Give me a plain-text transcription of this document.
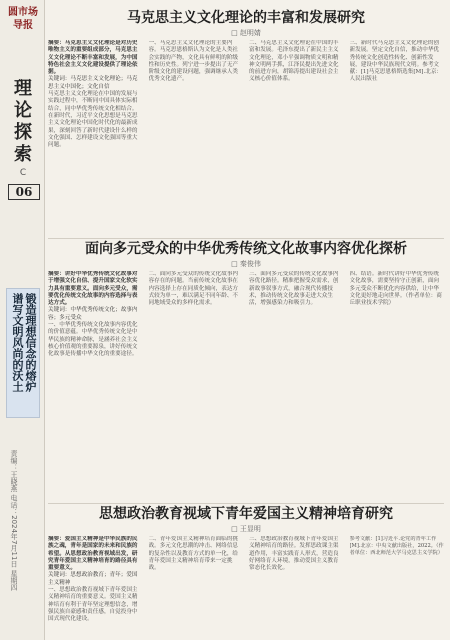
圆市场导报
理论探索
C
06
锻造理想信念的熔炉 谱写文明风尚的沃土
责编：王晓燕 电话：2024年7月11日 星期四
马克思主义文化理论的丰富和发展研究
□ 赵明婧
摘要：马克思主义文化理论是对历史唯物主义的重要组成部分，马克思主义文化理论不断丰富和发展，为中国特色社会主义文化建设提供了理论依据。
关键词：马克思主义文化理论；马克思主义中国化；文化自信
马克思主义文化理论在中国的发展与实践过程中，不断同中国具体实际相结合，同中华优秀传统文化相结合。在新时代，习近平文化思想是马克思主义文化理论中国化时代化的最新成果，深刻回答了新时代建设什么样的文化强国、怎样建设文化强国等重大问题。
一、马克思主义文化理论的主要内容。马克思恩格斯认为文化是人类社会实践的产物，文化具有鲜明的阶级性和历史性。列宁进一步提出了无产阶级文化的建设问题，强调继承人类优秀文化遗产。
二、马克思主义文化理论在中国的丰富和发展。毛泽东提出了新民主主义文化理论，邓小平强调物质文明和精神文明两手抓，江泽民提出先进文化的前进方向，胡锦涛提出建设社会主义核心价值体系。
三、新时代马克思主义文化理论的创新发展。坚定文化自信，推动中华优秀传统文化创造性转化、创新性发展，建设中华民族现代文明。参考文献：[1]马克思恩格斯选集[M].北京：人民出版社
面向多元受众的中华优秀传统文化故事内容优化探析
□ 秦俊伟
摘要：讲好中华优秀传统文化故事对于增强文化自信、提升国家文化软实力具有重要意义。面向多元受众，需要优化传统文化故事的内容选择与表达方式。
关键词：中华优秀传统文化；故事内容；多元受众
一、中华优秀传统文化故事内容优化的价值意蕴。中华优秀传统文化是中华民族的精神命脉，是涵养社会主义核心价值观的重要源泉，讲好传统文化故事是传播中华文化的重要途径。
二、面向多元受众的传统文化故事内容存在的问题。当前传统文化故事在内容选择上存在同质化倾向，表达方式较为单一，难以满足不同年龄、不同地域受众的多样化需求。
三、面向多元受众的传统文化故事内容优化路径。精准把握受众需求，创新故事叙事方式，融合现代传播技术，推动传统文化故事走进大众生活，增强感染力和吸引力。
四、结语。新时代讲好中华优秀传统文化故事，需要坚持守正创新，面向多元受众不断优化内容供给，让中华文化更好地走向世界。（作者单位：商丘职业技术学院）
思想政治教育视域下青年爱国主义精神培育研究
□ 王显明
摘要：爱国主义精神是中华民族的民族之魂，青年是国家的未来和民族的希望。从思想政治教育视域出发，研究青年爱国主义精神培育的路径具有重要意义。
关键词：思想政治教育；青年；爱国主义精神
一、思想政治教育视域下青年爱国主义精神培育的重要意义。爱国主义精神培育有利于青年坚定理想信念，增强民族自豪感和责任感，自觉投身中国式现代化建设。
二、青年爱国主义精神培育面临的挑战。多元文化思潮的冲击、网络信息的复杂性以及教育方式的单一化，给青年爱国主义精神培育带来一定挑战。
三、思想政治教育视域下青年爱国主义精神培育的路径。发挥思政课主渠道作用，丰富实践育人形式，营造良好网络育人环境，推动爱国主义教育常态化长效化。
参考文献：[1]习近平.论党的青年工作[M].北京：中央文献出版社，2022。（作者单位：西北师范大学马克思主义学院）
